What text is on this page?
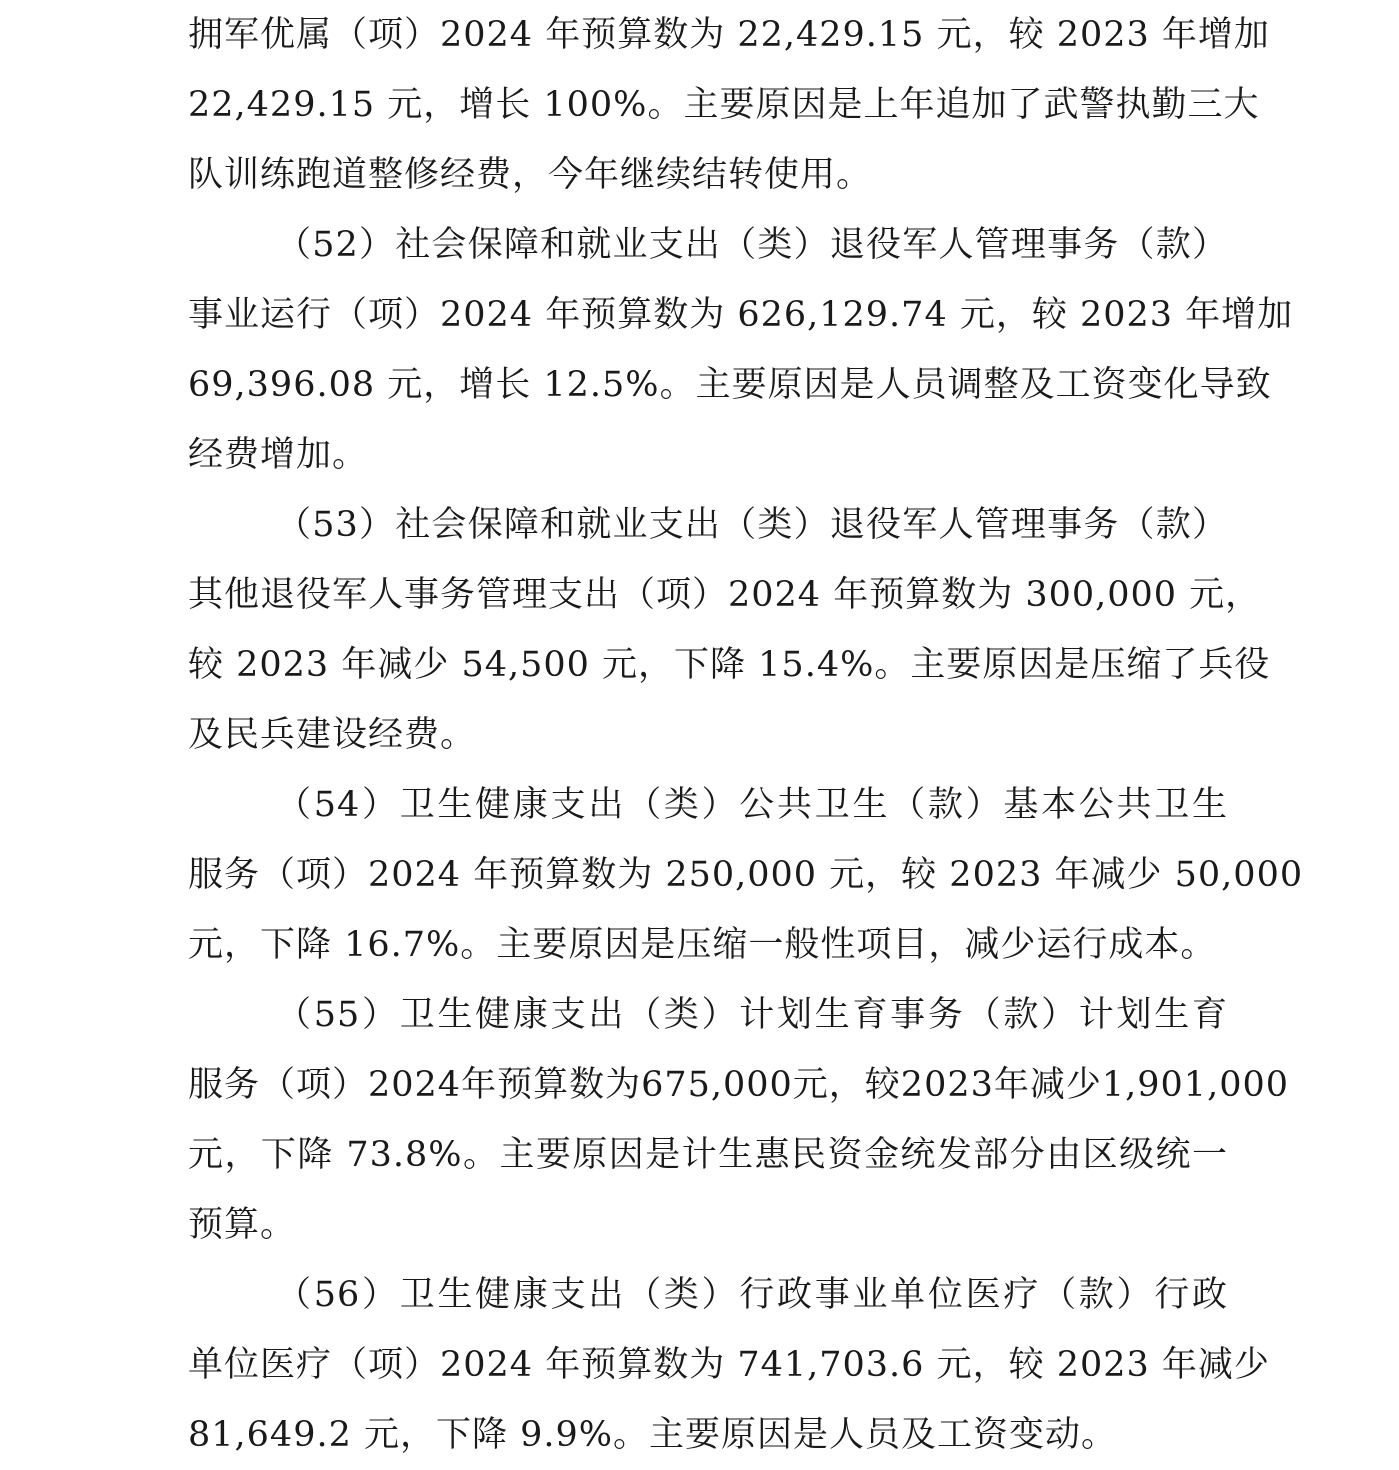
拥军优属（项）2024 年预算数为 22,429.15 元，较 2023 年增加
22,429.15 元，增长 100%。主要原因是上年追加了武警执勤三大
队训练跑道整修经费，今年继续结转使用。
（52）社会保障和就业支出（类）退役军人管理事务（款）
事业运行（项）2024 年预算数为 626,129.74 元，较 2023 年增加
69,396.08 元，增长 12.5%。主要原因是人员调整及工资变化导致
经费增加。
（53）社会保障和就业支出（类）退役军人管理事务（款）
其他退役军人事务管理支出（项）2024 年预算数为 300,000 元，
较 2023 年减少 54,500 元，下降 15.4%。主要原因是压缩了兵役
及民兵建设经费。
（54）卫生健康支出（类）公共卫生（款）基本公共卫生
服务（项）2024 年预算数为 250,000 元，较 2023 年减少 50,000
元，下降 16.7%。主要原因是压缩一般性项目，减少运行成本。
（55）卫生健康支出（类）计划生育事务（款）计划生育
服务（项）2024年预算数为675,000元，较2023年减少1,901,000
元，下降 73.8%。主要原因是计生惠民资金统发部分由区级统一
预算。
（56）卫生健康支出（类）行政事业单位医疗（款）行政
单位医疗（项）2024 年预算数为 741,703.6 元，较 2023 年减少
81,649.2 元，下降 9.9%。主要原因是人员及工资变动。
